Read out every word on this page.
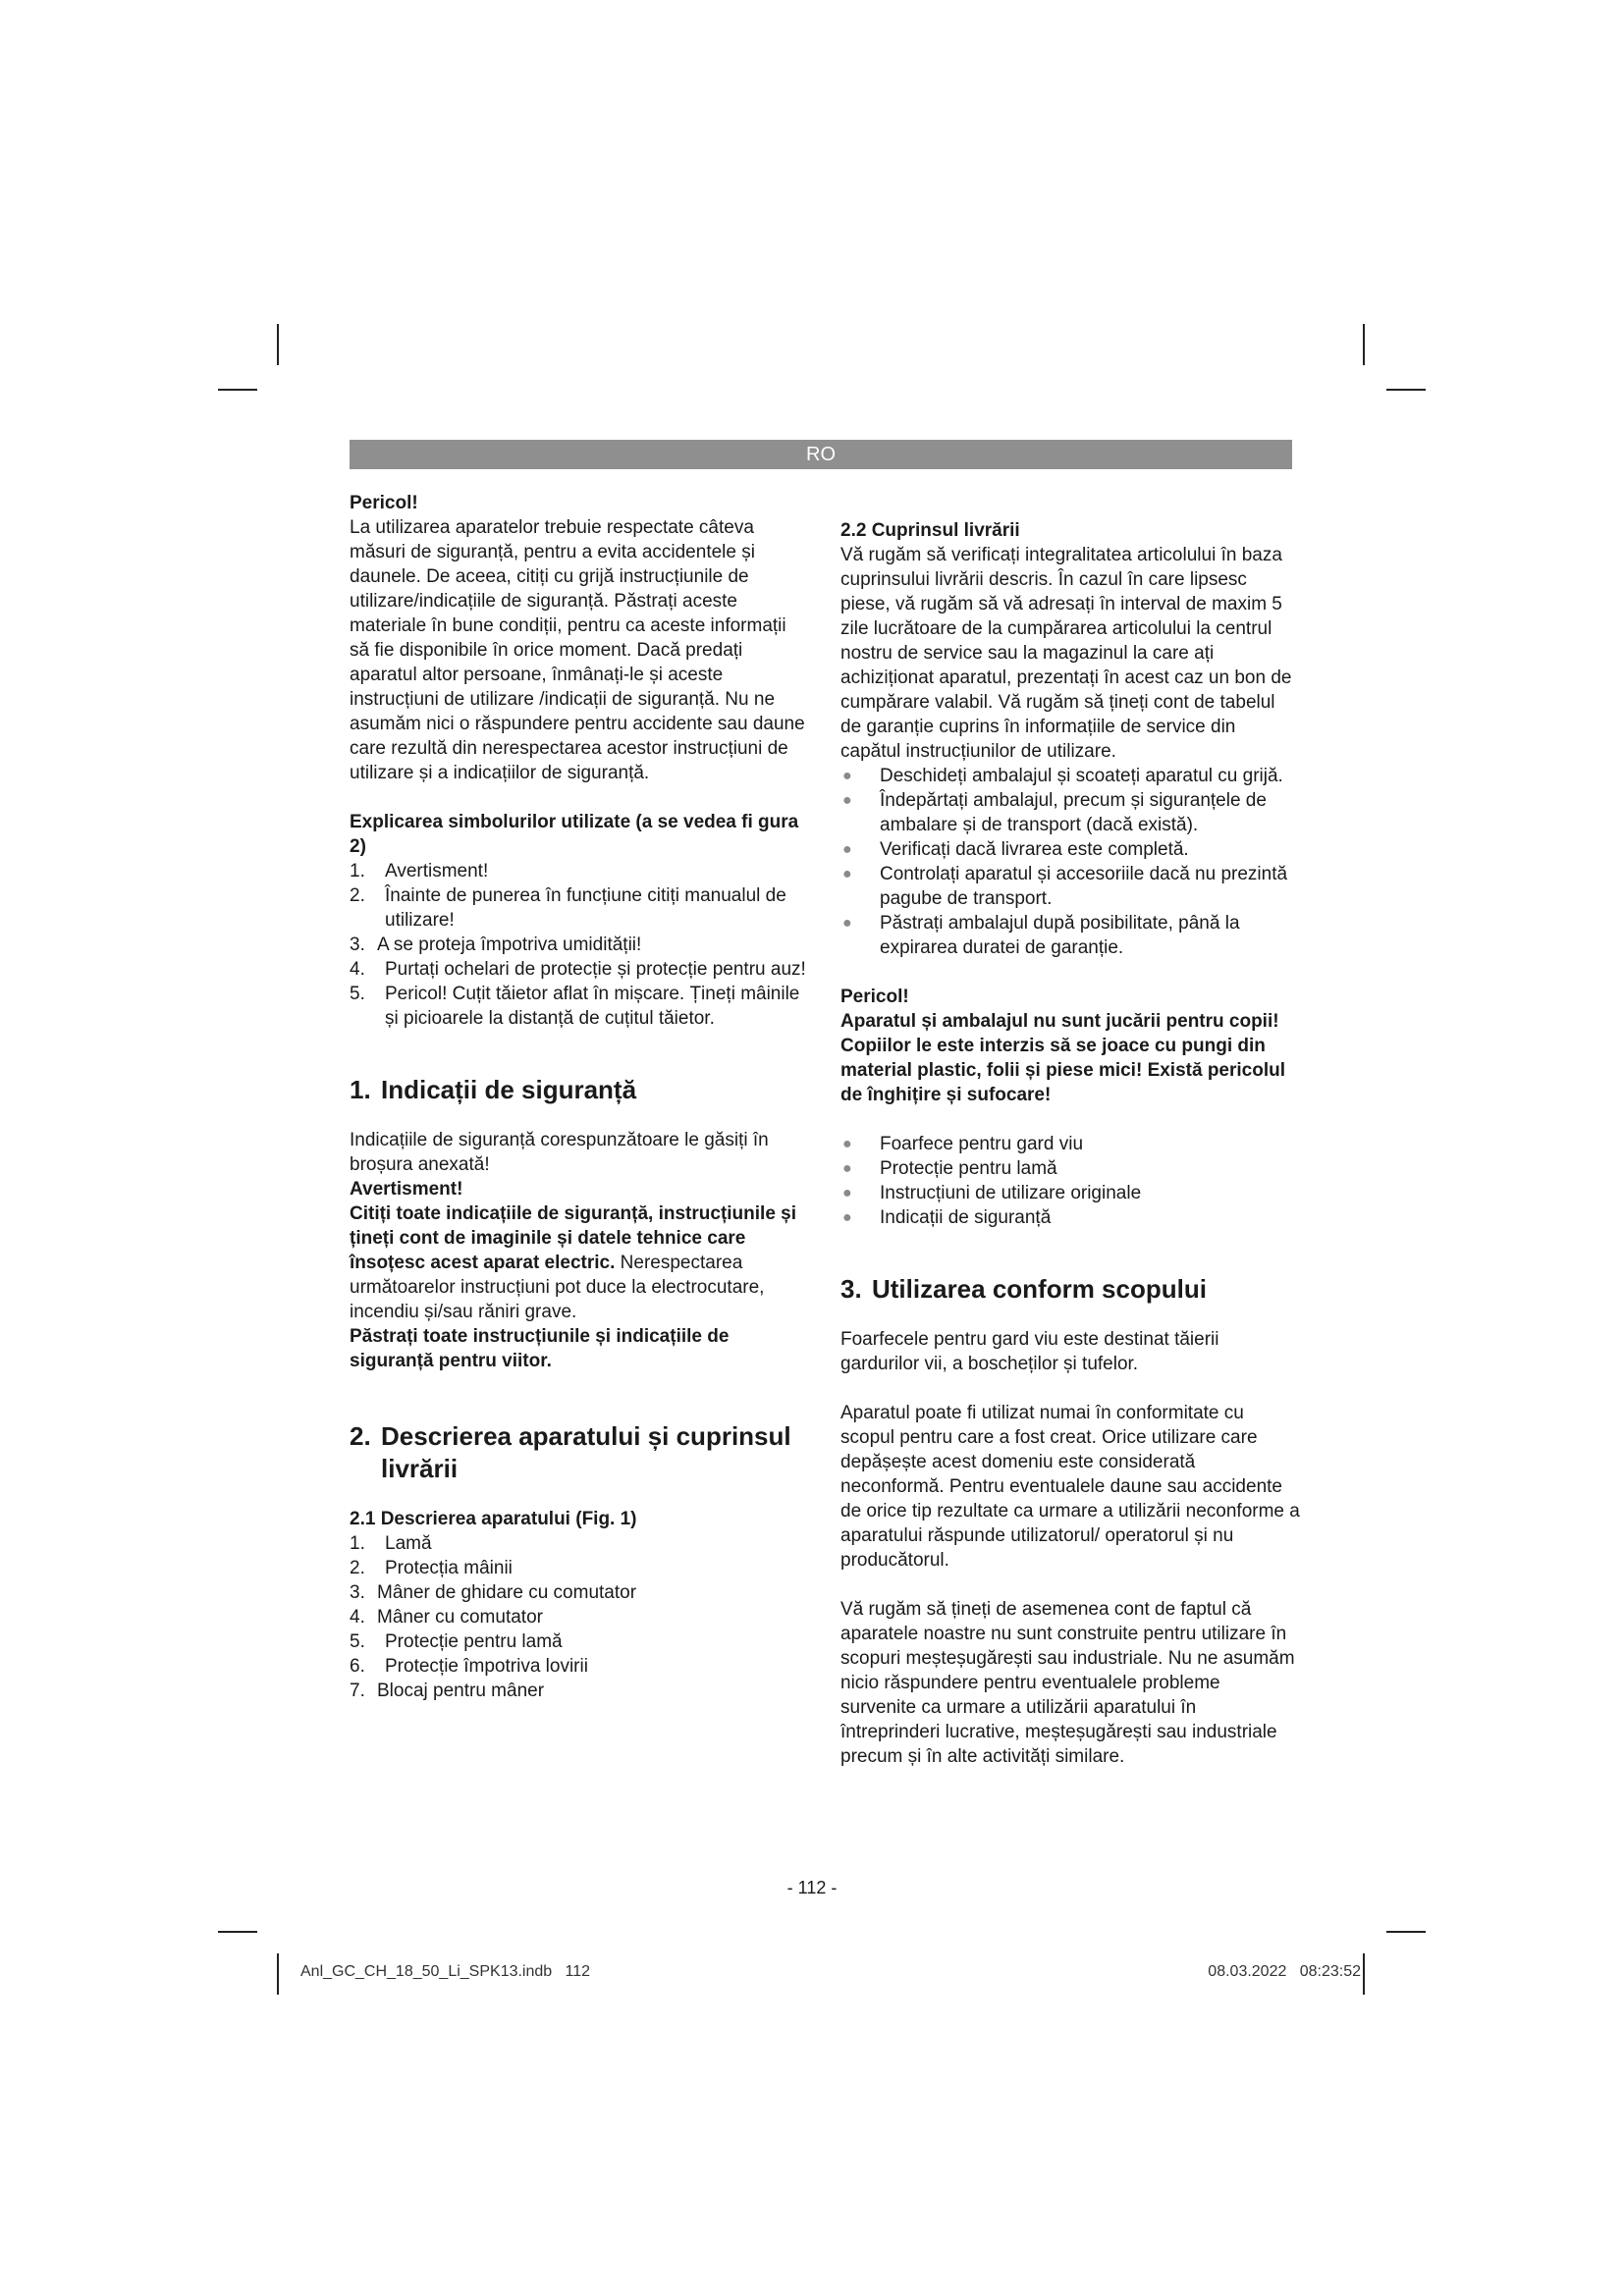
RO

Pericol!

La utilizarea aparatelor trebuie respectate câteva măsuri de siguranță, pentru a evita accidentele și daunele. De aceea, citiți cu grijă instrucțiunile de utilizare/indicațiile de siguranță. Păstrați aceste materiale în bune condiții, pentru ca aceste informații să fie disponibile în orice moment. Dacă predați aparatul altor persoane, înmânați-le și aceste instrucțiuni de utilizare /indicații de siguranță. Nu ne asumăm nici o răspundere pentru accidente sau daune care rezultă din nerespectarea acestor instrucțiuni de utilizare și a indicațiilor de siguranță.

Explicarea simbolurilor utilizate (a se vedea fi gura 2)

1.	Avertisment!
2.	Înainte de punerea în funcțiune citiți manualul de utilizare!
3. A se proteja împotriva umidității!
4.	Purtați ochelari de protecție și protecție pentru auz!
5.	Pericol! Cuțit tăietor aflat în mișcare. Țineți mâinile și picioarele la distanță de cuțitul tăietor.
1. Indicații de siguranță

Indicațiile de siguranță corespunzătoare le găsiți în broșura anexată!

Avertisment!

Citiți toate indicațiile de siguranță, instrucțiunile și țineți cont de imaginile și datele tehnice care însoțesc acest aparat electric. Nerespectarea următoarelor instrucțiuni pot duce la electrocutare, incendiu și/sau răniri grave.

Păstrați toate instrucțiunile și indicațiile de siguranță pentru viitor.

2. Descrierea aparatului și cuprinsul
livrării

2.1 Descrierea aparatului (Fig. 1)

1.	Lamă
2.	Protecția mâinii
3. Mâner de ghidare cu comutator
4. Mâner cu comutator
5.	Protecție pentru lamă
6.	Protecție împotriva lovirii
7. Blocaj pentru mâner

2.2 Cuprinsul livrării

Vă rugăm să verificați integralitatea articolului în baza cuprinsului livrării descris. În cazul în care lipsesc piese, vă rugăm să vă adresați în interval de maxim 5 zile lucrătoare de la cumpărarea articolului la centrul nostru de service sau la magazinul la care ați achiziționat aparatul, prezentați în acest caz un bon de cumpărare valabil. Vă rugăm să țineți cont de tabelul de garanție cuprins în informațiile de service din capătul instrucțiunilor de utilizare.

●	Deschideți ambalajul și scoateți aparatul cu grijă.
●	Îndepărtați ambalajul, precum și siguranțele de ambalare și de transport (dacă există).
●	Verificați dacă livrarea este completă.
●	Controlați aparatul și accesoriile dacă nu prezintă pagube de transport.
●	Păstrați ambalajul după posibilitate, până la expirarea duratei de garanție.

Pericol!

Aparatul și ambalajul nu sunt jucării pentru copii! Copiilor le este interzis să se joace cu pungi din material plastic, folii și piese mici! Există pericolul de înghițire și sufocare!

●	Foarfece pentru gard viu
●	Protecție pentru lamă
●	Instrucțiuni de utilizare originale
●	Indicații de siguranță
3. Utilizarea conform scopului

Foarfecele pentru gard viu este destinat tăierii gardurilor vii, a boscheților și tufelor.

Aparatul poate fi utilizat numai în conformitate cu scopul pentru care a fost creat. Orice utilizare care depășește acest domeniu este considerată neconformă. Pentru eventualele daune sau accidente de orice tip rezultate ca urmare a utilizării neconforme a aparatului răspunde utilizatorul/ operatorul și nu producătorul.

Vă rugăm să țineți de asemenea cont de faptul că aparatele noastre nu sunt construite pentru utilizare în scopuri meșteșugărești sau industriale. Nu ne asumăm nicio răspundere pentru eventualele probleme survenite ca urmare a utilizării aparatului în întreprinderi lucrative, meșteșugărești sau industriale precum și în alte activități similare.

- 112 -
Anl_GC_CH_18_50_Li_SPK13.indb   112	08.03.2022   08:23:52
